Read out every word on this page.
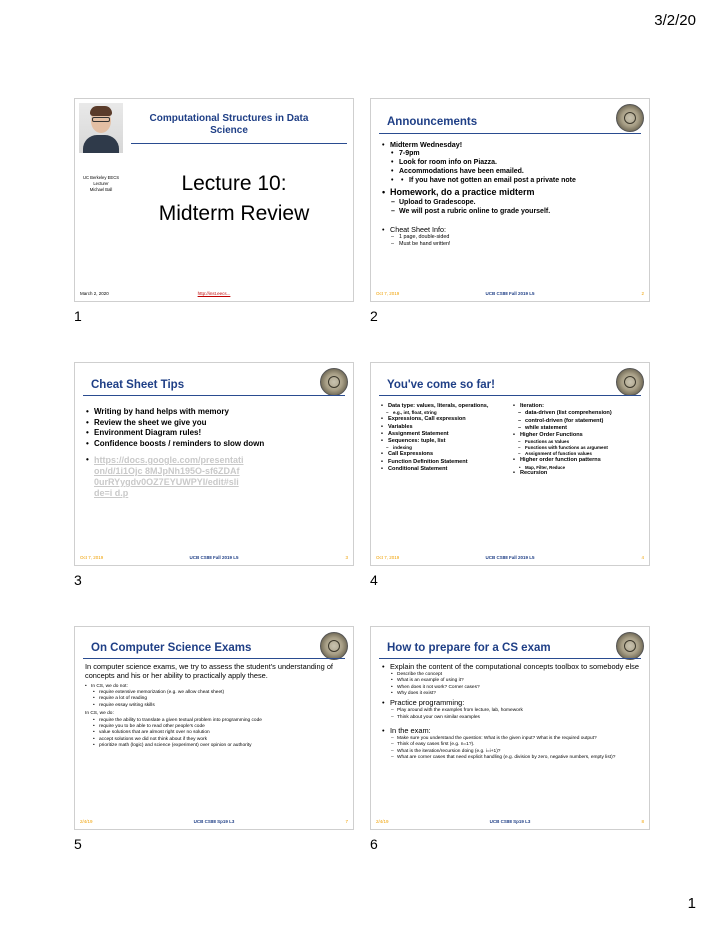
3/2/20
Computational Structures in Data Science
UC Berkeley EECS
Lecturer
Michael Ball	Lecture 10:
Midterm Review
March 2, 2020	http://inst.eecs...
1
Announcements
• Midterm Wednesday!
• 7-9pm
• Look for room info on Piazza.
• Accommodations have been emailed.
• • If you have not gotten an email post a private note
• Homework, do a practice midterm
– Upload to Gradescope.
– We will post a rubric online to grade yourself.
• Cheat Sheet Info:
– 1 page, double-sided
– Must be hand written!
Oct 7, 2019	UCB CS88 Fall 2019 L5	2
2
Cheat Sheet Tips
• Writing by hand helps with memory
• Review the sheet we give you
• Environment Diagram rules!
• Confidence boosts / reminders to slow down
• https://docs.google.com/presentation/d/1i1Ojc 8MJpNh195O-sf6ZDAf0urRYygdv0OZ7EYUWPYI/edit#slide=i d.p
Oct 7, 2019	UCB CS88 Fall 2019 L5	3
3
You've come so far!
• Data type: values, literals, operations,
– e.g., int, float, string
• Expressions, Call expression
• Variables
• Assignment Statement
• Sequences: tuple, list
– indexing
• Call Expressions
• Function Definition Statement
• Conditional Statement
• Iteration:
– data-driven (list comprehension)
– control-driven (for statement)
– while statement
• Higher Order Functions
– Functions as Values
– Functions with functions as argument
– Assignment of function values
• Higher order function patterns
• Map, Filter, Reduce
• Recursion
Oct 7, 2019	UCB CS88 Fall 2019 L5	4
4
On Computer Science Exams
In computer science exams, we try to assess the student’s understanding of concepts and his or her ability to practically apply these.
• In CS, we do not:
• require extensive memorization (e.g. we allow cheat sheet)
• require a lot of reading
• require essay writing skills
In CS, we do:
• require the ability to translate a given textual problem into programming code
• require you to be able to read other people’s code
• value solutions that are almost right over no solution
• accept solutions we did not think about if they work
• prioritize math (logic) and science (experiment) over opinion or authority
2/4/19	UCB CS88 Sp19 L3	7
5
How to prepare for a CS exam
• Explain the content of the computational concepts toolbox to somebody else
• Describe the concept
• What is an example of using it?
• When does it not work? Corner cases?
• Why does it exist?
• Practice programming:
– Play around with the examples from lecture, lab, homework
– Think about your own similar examples
• In the exam:
– Make sure you understand the question: What is the given input? What is the required output?
– Think of easy cases first (e.g. n=1?).
– What is the iteration/recursion doing (e.g. i=i+1)?
– What are corner cases that need explicit handling (e.g. division by zero, negative numbers, empty list)?
2/4/19	UCB CS88 Sp19 L3	8
6
1
